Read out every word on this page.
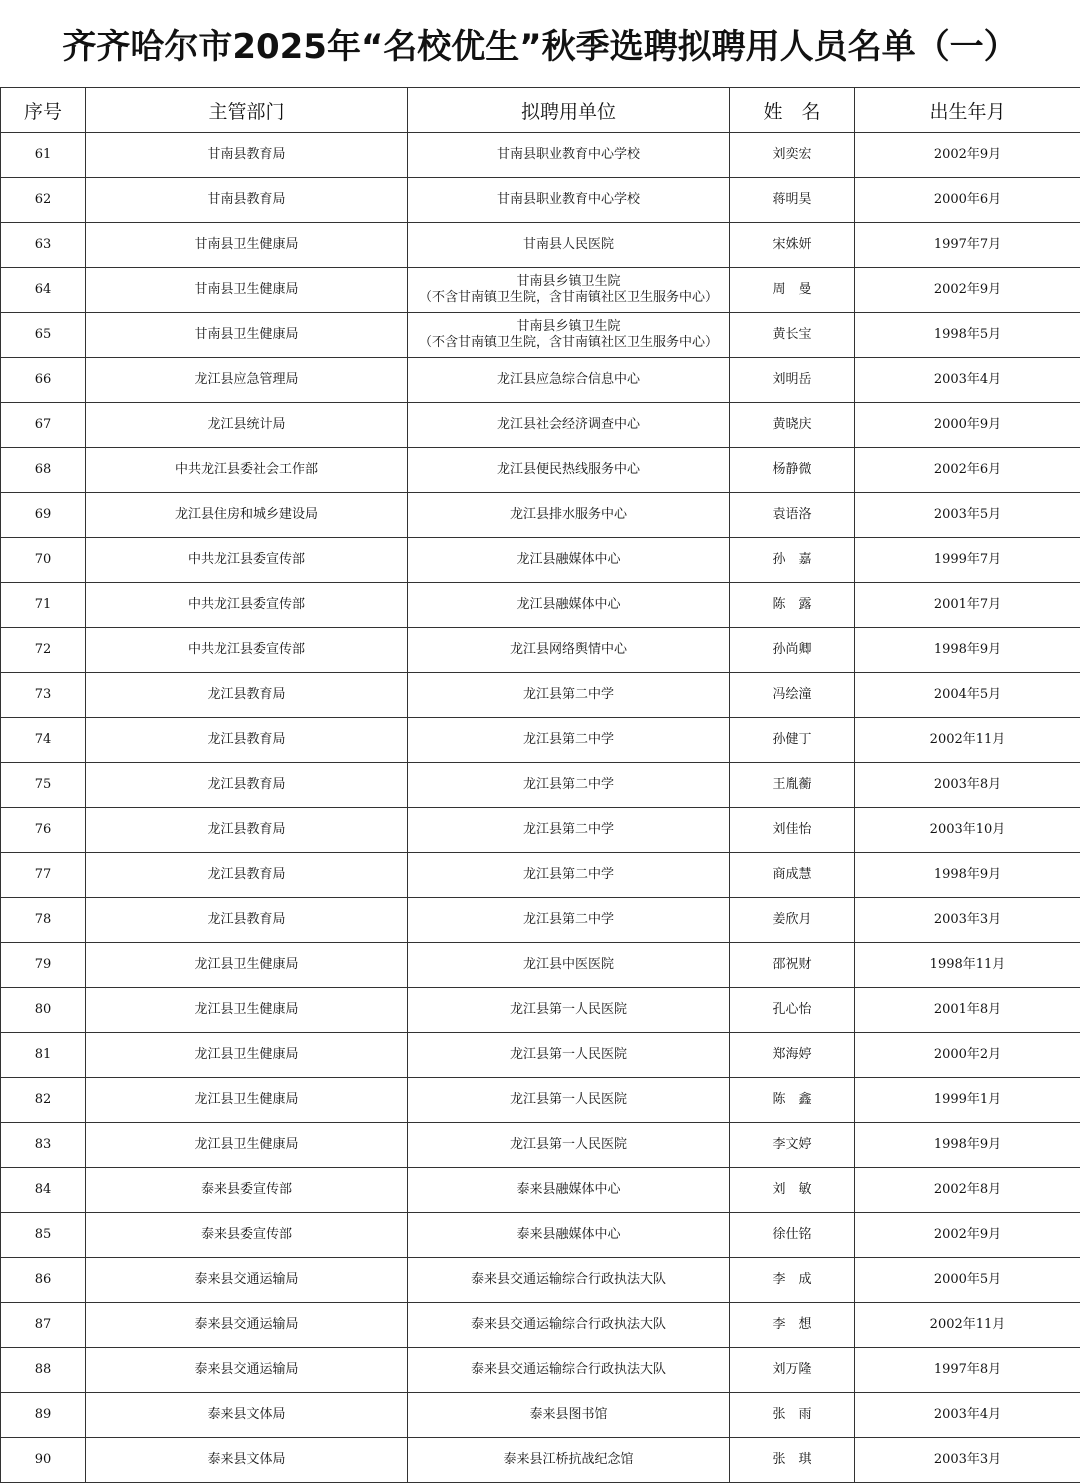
齐齐哈尔市2025年“名校优生”秋季选聘拟聘用人员名单（一）
序号	主管部门	拟聘用单位	姓　名	出生年月
61	甘南县教育局	甘南县职业教育中心学校	刘奕宏	2002年9月
62	甘南县教育局	甘南县职业教育中心学校	蒋明昊	2000年6月
63	甘南县卫生健康局	甘南县人民医院	宋姝妍	1997年7月
64	甘南县卫生健康局	甘南县乡镇卫生院
（不含甘南镇卫生院，含甘南镇社区卫生服务中心）	周　曼	2002年9月
65	甘南县卫生健康局	甘南县乡镇卫生院
（不含甘南镇卫生院，含甘南镇社区卫生服务中心）	黄长宝	1998年5月
66	龙江县应急管理局	龙江县应急综合信息中心	刘明岳	2003年4月
67	龙江县统计局	龙江县社会经济调查中心	黄晓庆	2000年9月
68	中共龙江县委社会工作部	龙江县便民热线服务中心	杨静微	2002年6月
69	龙江县住房和城乡建设局	龙江县排水服务中心	袁语洛	2003年5月
70	中共龙江县委宣传部	龙江县融媒体中心	孙　嘉	1999年7月
71	中共龙江县委宣传部	龙江县融媒体中心	陈　露	2001年7月
72	中共龙江县委宣传部	龙江县网络舆情中心	孙尚卿	1998年9月
73	龙江县教育局	龙江县第二中学	冯绘潼	2004年5月
74	龙江县教育局	龙江县第二中学	孙健丁	2002年11月
75	龙江县教育局	龙江县第二中学	王胤蘅	2003年8月
76	龙江县教育局	龙江县第二中学	刘佳怡	2003年10月
77	龙江县教育局	龙江县第二中学	商成慧	1998年9月
78	龙江县教育局	龙江县第二中学	姜欣月	2003年3月
79	龙江县卫生健康局	龙江县中医医院	邵祝财	1998年11月
80	龙江县卫生健康局	龙江县第一人民医院	孔心怡	2001年8月
81	龙江县卫生健康局	龙江县第一人民医院	郑海婷	2000年2月
82	龙江县卫生健康局	龙江县第一人民医院	陈　鑫	1999年1月
83	龙江县卫生健康局	龙江县第一人民医院	李文婷	1998年9月
84	泰来县委宣传部	泰来县融媒体中心	刘　敏	2002年8月
85	泰来县委宣传部	泰来县融媒体中心	徐仕铭	2002年9月
86	泰来县交通运输局	泰来县交通运输综合行政执法大队	李　成	2000年5月
87	泰来县交通运输局	泰来县交通运输综合行政执法大队	李　想	2002年11月
88	泰来县交通运输局	泰来县交通运输综合行政执法大队	刘万隆	1997年8月
89	泰来县文体局	泰来县图书馆	张　雨	2003年4月
90	泰来县文体局	泰来县江桥抗战纪念馆	张　琪	2003年3月
